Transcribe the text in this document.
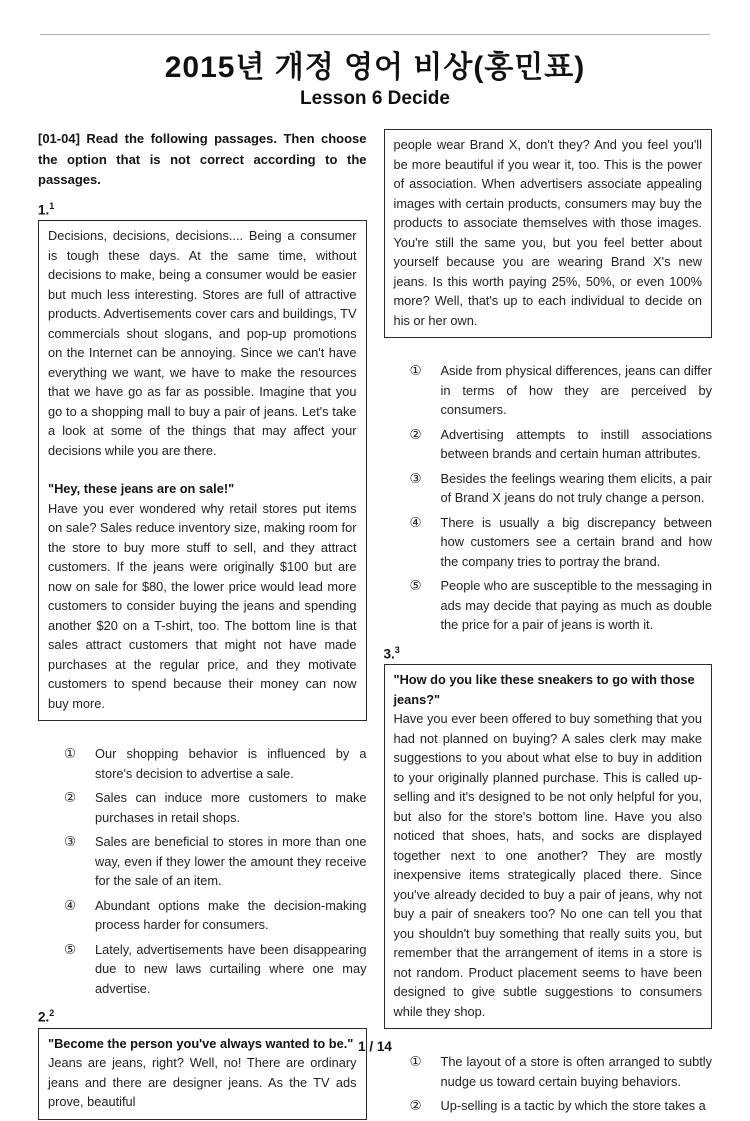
2015년 개정 영어 비상(홍민표)
Lesson 6 Decide
[01-04] Read the following passages. Then choose the option that is not correct according to the passages.
1.$^1$
Decisions, decisions, decisions.... Being a consumer is tough these days. At the same time, without decisions to make, being a consumer would be easier but much less interesting. Stores are full of attractive products. Advertisements cover cars and buildings, TV commercials shout slogans, and pop-up promotions on the Internet can be annoying. Since we can't have everything we want, we have to make the resources that we have go as far as possible. Imagine that you go to a shopping mall to buy a pair of jeans. Let's take a look at some of the things that may affect your decisions while you are there.
"Hey, these jeans are on sale!"
Have you ever wondered why retail stores put items on sale? Sales reduce inventory size, making room for the store to buy more stuff to sell, and they attract customers. If the jeans were originally $100 but are now on sale for $80, the lower price would lead more customers to consider buying the jeans and spending another $20 on a T-shirt, too. The bottom line is that sales attract customers that might not have made purchases at the regular price, and they motivate customers to spend because their money can now buy more.
①	Our shopping behavior is influenced by a store's decision to advertise a sale.
②	Sales can induce more customers to make purchases in retail shops.
③	Sales are beneficial to stores in more than one way, even if they lower the amount they receive for the sale of an item.
④	Abundant options make the decision-making process harder for consumers.
⑤	Lately, advertisements have been disappearing due to new laws curtailing where one may advertise.
2.$^2$
"Become the person you've always wanted to be."
Jeans are jeans, right? Well, no! There are ordinary jeans and there are designer jeans. As the TV ads prove, beautiful
people wear Brand X, don't they? And you feel you'll be more beautiful if you wear it, too. This is the power of association. When advertisers associate appealing images with certain products, consumers may buy the products to associate themselves with those images. You're still the same you, but you feel better about yourself because you are wearing Brand X's new jeans. Is this worth paying 25%, 50%, or even 100% more? Well, that's up to each individual to decide on his or her own.
①	Aside from physical differences, jeans can differ in terms of how they are perceived by consumers.
②	Advertising attempts to instill associations between brands and certain human attributes.
③	Besides the feelings wearing them elicits, a pair of Brand X jeans do not truly change a person.
④	There is usually a big discrepancy between how customers see a certain brand and how the company tries to portray the brand.
⑤	People who are susceptible to the messaging in ads may decide that paying as much as double the price for a pair of jeans is worth it.
3.$^3$
"How do you like these sneakers to go with those jeans?"
Have you ever been offered to buy something that you had not planned on buying? A sales clerk may make suggestions to you about what else to buy in addition to your originally planned purchase. This is called up-selling and it's designed to be not only helpful for you, but also for the store's bottom line. Have you also noticed that shoes, hats, and socks are displayed together next to one another? They are mostly inexpensive items strategically placed there. Since you've already decided to buy a pair of jeans, why not buy a pair of sneakers too? No one can tell you that you shouldn't buy something that really suits you, but remember that the arrangement of items in a store is not random. Product placement seems to have been designed to give subtle suggestions to consumers while they shop.
①	The layout of a store is often arranged to subtly nudge us toward certain buying behaviors.
②	Up-selling is a tactic by which the store takes a
1 / 14
